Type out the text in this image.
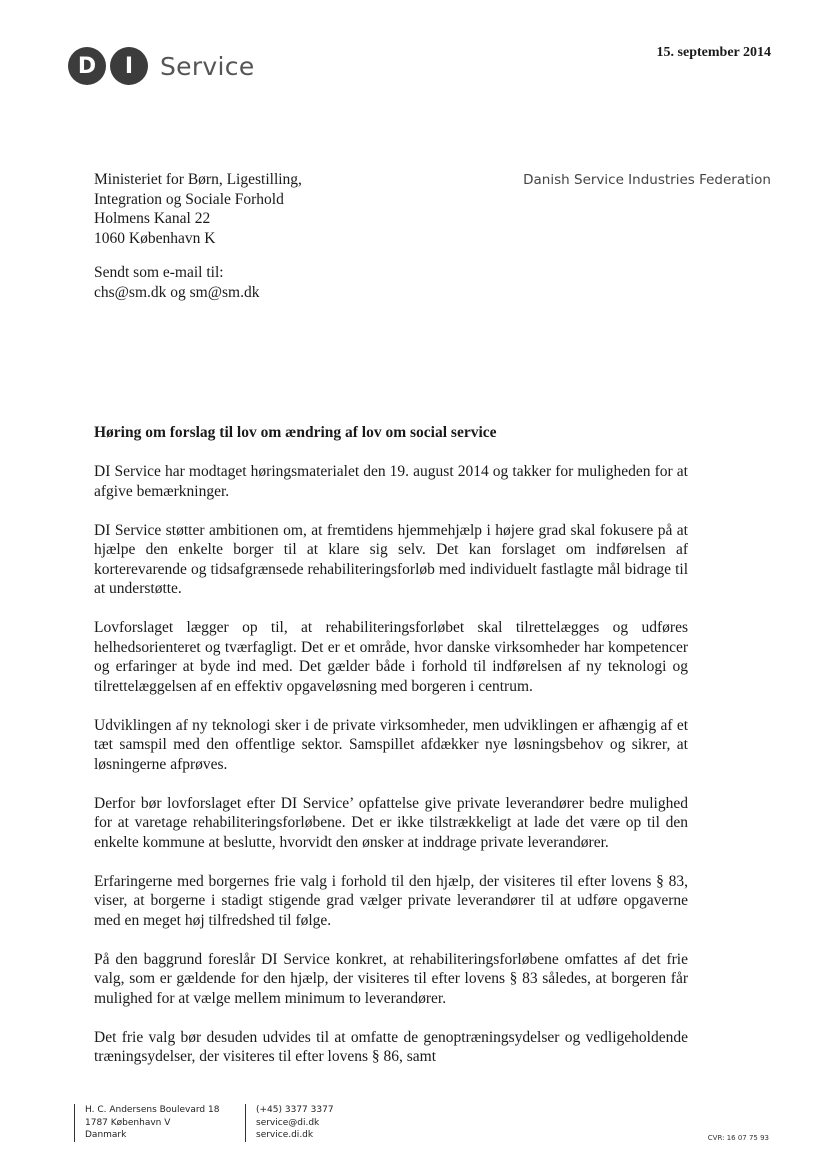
D	I	Service	15. september 2014
Ministeriet for Børn, Ligestilling,
Integration og Sociale Forhold
Holmens Kanal 22
1060 København K
Sendt som e-mail til:
chs@sm.dk og sm@sm.dk
Danish Service Industries Federation
Høring om forslag til lov om ændring af lov om social service

DI Service har modtaget høringsmaterialet den 19. august 2014 og takker for muligheden for at afgive bemærkninger.

DI Service støtter ambitionen om, at fremtidens hjemmehjælp i højere grad skal fokusere på at hjælpe den enkelte borger til at klare sig selv. Det kan forslaget om indførelsen af korterevarende og tidsafgrænsede rehabiliteringsforløb med individuelt fastlagte mål bidrage til at understøtte.

Lovforslaget lægger op til, at rehabiliteringsforløbet skal tilrettelægges og udføres helhedsorienteret og tværfagligt. Det er et område, hvor danske virksomheder har kompetencer og erfaringer at byde ind med. Det gælder både i forhold til indførelsen af ny teknologi og tilrettelæggelsen af en effektiv opgaveløsning med borgeren i centrum.

Udviklingen af ny teknologi sker i de private virksomheder, men udviklingen er afhængig af et tæt samspil med den offentlige sektor. Samspillet afdækker nye løsningsbehov og sikrer, at løsningerne afprøves.

Derfor bør lovforslaget efter DI Service’ opfattelse give private leverandører bedre mulighed for at varetage rehabiliteringsforløbene. Det er ikke tilstrækkeligt at lade det være op til den enkelte kommune at beslutte, hvorvidt den ønsker at inddrage private leverandører.

Erfaringerne med borgernes frie valg i forhold til den hjælp, der visiteres til efter lovens § 83, viser, at borgerne i stadigt stigende grad vælger private leverandører til at udføre opgaverne med en meget høj tilfredshed til følge.

På den baggrund foreslår DI Service konkret, at rehabiliteringsforløbene omfattes af det frie valg, som er gældende for den hjælp, der visiteres til efter lovens § 83 således, at borgeren får mulighed for at vælge mellem minimum to leverandører.

Det frie valg bør desuden udvides til at omfatte de genoptræningsydelser og vedligeholdende træningsydelser, der visiteres til efter lovens § 86, samt

H. C. Andersens Boulevard 18
1787 København V
Danmark
(+45) 3377 3377
service@di.dk
service.di.dk	CVR: 16 07 75 93
